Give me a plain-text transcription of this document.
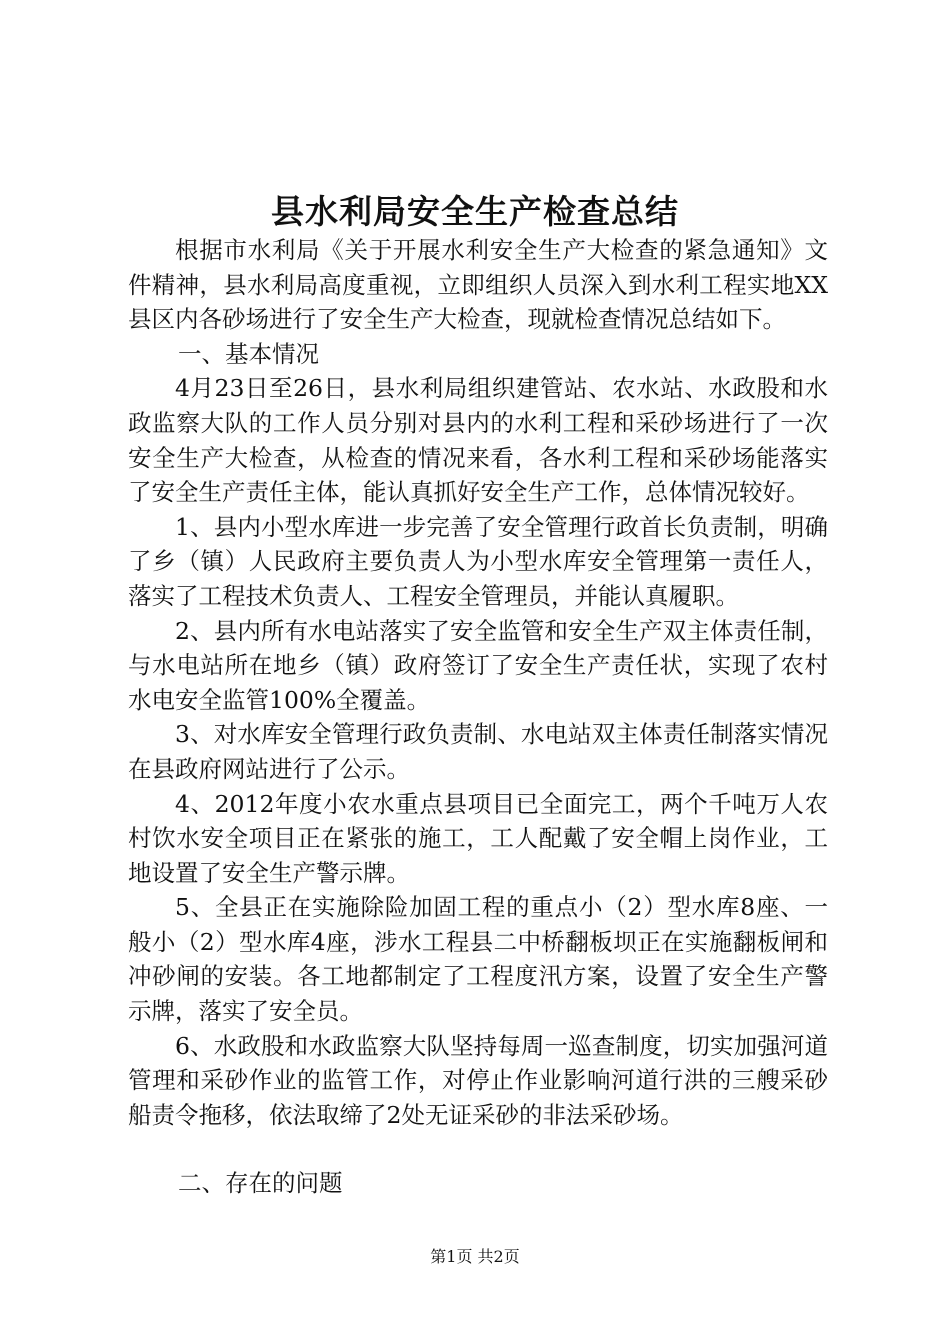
县水利局安全生产检查总结

根据市水利局《关于开展水利安全生产大检查的紧急通知》文件精神，县水利局高度重视，立即组织人员深入到水利工程实地XX县区内各砂场进行了安全生产大检查，现就检查情况总结如下。

一、基本情况

4月23日至26日，县水利局组织建管站、农水站、水政股和水政监察大队的工作人员分别对县内的水利工程和采砂场进行了一次安全生产大检查，从检查的情况来看，各水利工程和采砂场能落实了安全生产责任主体，能认真抓好安全生产工作，总体情况较好。

1、县内小型水库进一步完善了安全管理行政首长负责制，明确了乡（镇）人民政府主要负责人为小型水库安全管理第一责任人，落实了工程技术负责人、工程安全管理员，并能认真履职。

2、县内所有水电站落实了安全监管和安全生产双主体责任制，与水电站所在地乡（镇）政府签订了安全生产责任状，实现了农村水电安全监管100%全覆盖。

3、对水库安全管理行政负责制、水电站双主体责任制落实情况在县政府网站进行了公示。

4、2012年度小农水重点县项目已全面完工，两个千吨万人农村饮水安全项目正在紧张的施工，工人配戴了安全帽上岗作业，工地设置了安全生产警示牌。

5、全县正在实施除险加固工程的重点小（2）型水库8座、一般小（2）型水库4座，涉水工程县二中桥翻板坝正在实施翻板闸和冲砂闸的安装。各工地都制定了工程度汛方案，设置了安全生产警示牌，落实了安全员。

6、水政股和水政监察大队坚持每周一巡查制度，切实加强河道管理和采砂作业的监管工作，对停止作业影响河道行洪的三艘采砂船责令拖移，依法取缔了2处无证采砂的非法采砂场。

二、存在的问题

第1页 共2页
